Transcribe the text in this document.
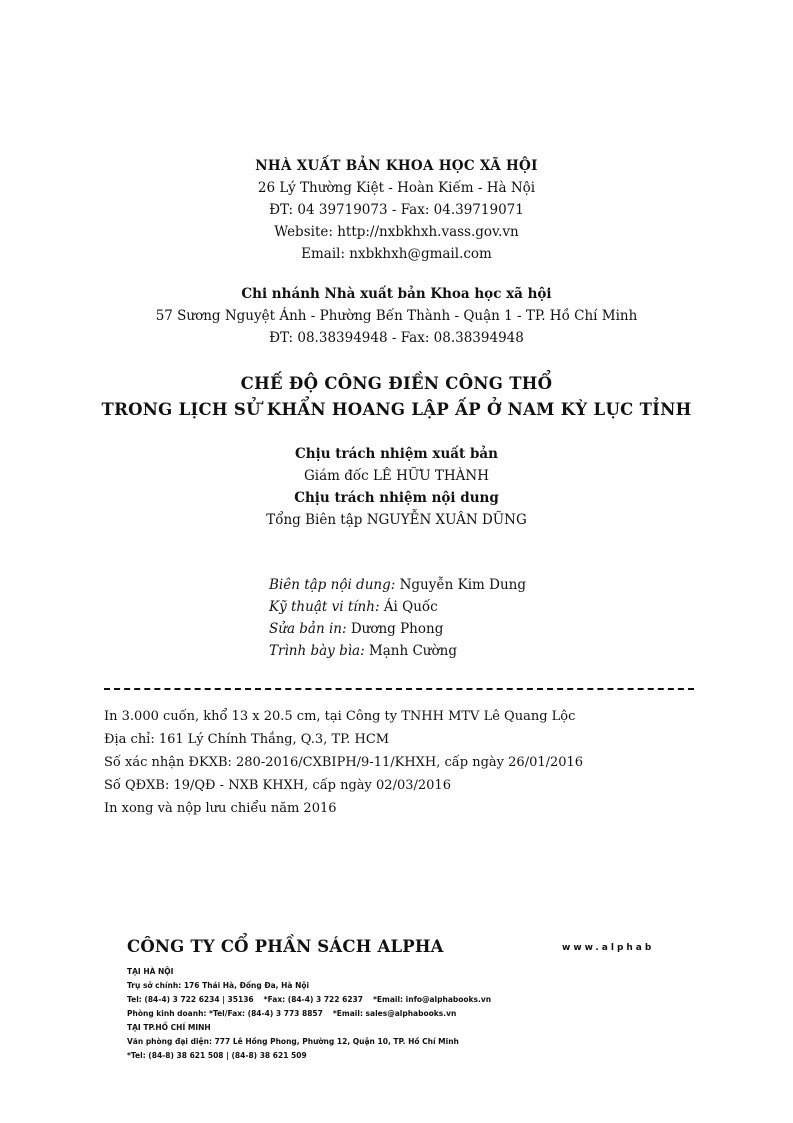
NHÀ XUẤT BẢN KHOA HỌC XÃ HỘI
26 Lý Thường Kiệt - Hoàn Kiếm - Hà Nội
ĐT: 04 39719073 - Fax: 04.39719071
Website: http://nxbkhxh.vass.gov.vn
Email: nxbkhxh@gmail.com
Chi nhánh Nhà xuất bản Khoa học xã hội
57 Sương Nguyệt Ánh - Phường Bến Thành - Quận 1 - TP. Hồ Chí Minh
ĐT: 08.38394948 - Fax: 08.38394948
CHẾ ĐỘ CÔNG ĐIỀN CÔNG THỔ
TRONG LỊCH SỬ KHẨN HOANG LẬP ẤP Ở NAM KỲ LỤC TỈNH
Chịu trách nhiệm xuất bản
Giám đốc LÊ HỮU THÀNH
Chịu trách nhiệm nội dung
Tổng Biên tập NGUYỄN XUÂN DŨNG
Biên tập nội dung: Nguyễn Kim Dung
Kỹ thuật vi tính: Ái Quốc
Sửa bản in: Dương Phong
Trình bày bìa: Mạnh Cường
In 3.000 cuốn, khổ 13 x 20.5 cm, tại Công ty TNHH MTV Lê Quang Lộc
Địa chỉ: 161 Lý Chính Thắng, Q.3, TP. HCM
Số xác nhận ĐKXB: 280-2016/CXBIPH/9-11/KHXH, cấp ngày 26/01/2016
Số QĐXB: 19/QĐ - NXB KHXH, cấp ngày 02/03/2016
In xong và nộp lưu chiểu năm 2016
CÔNG TY CỔ PHẦN SÁCH ALPHA	www.alphab
TẠI HÀ NỘI
Trụ sở chính: 176 Thái Hà, Đống Đa, Hà Nội
Tel: (84-4) 3 722 6234 | 35136 *Fax: (84-4) 3 722 6237 *Email: info@alphabooks.vn
Phòng kinh doanh: *Tel/Fax: (84-4) 3 773 8857 *Email: sales@alphabooks.vn
TẠI TP.HỒ CHÍ MINH
Văn phòng đại diện: 777 Lê Hồng Phong, Phường 12, Quận 10, TP. Hồ Chí Minh
*Tel: (84-8) 38 621 508 | (84-8) 38 621 509
